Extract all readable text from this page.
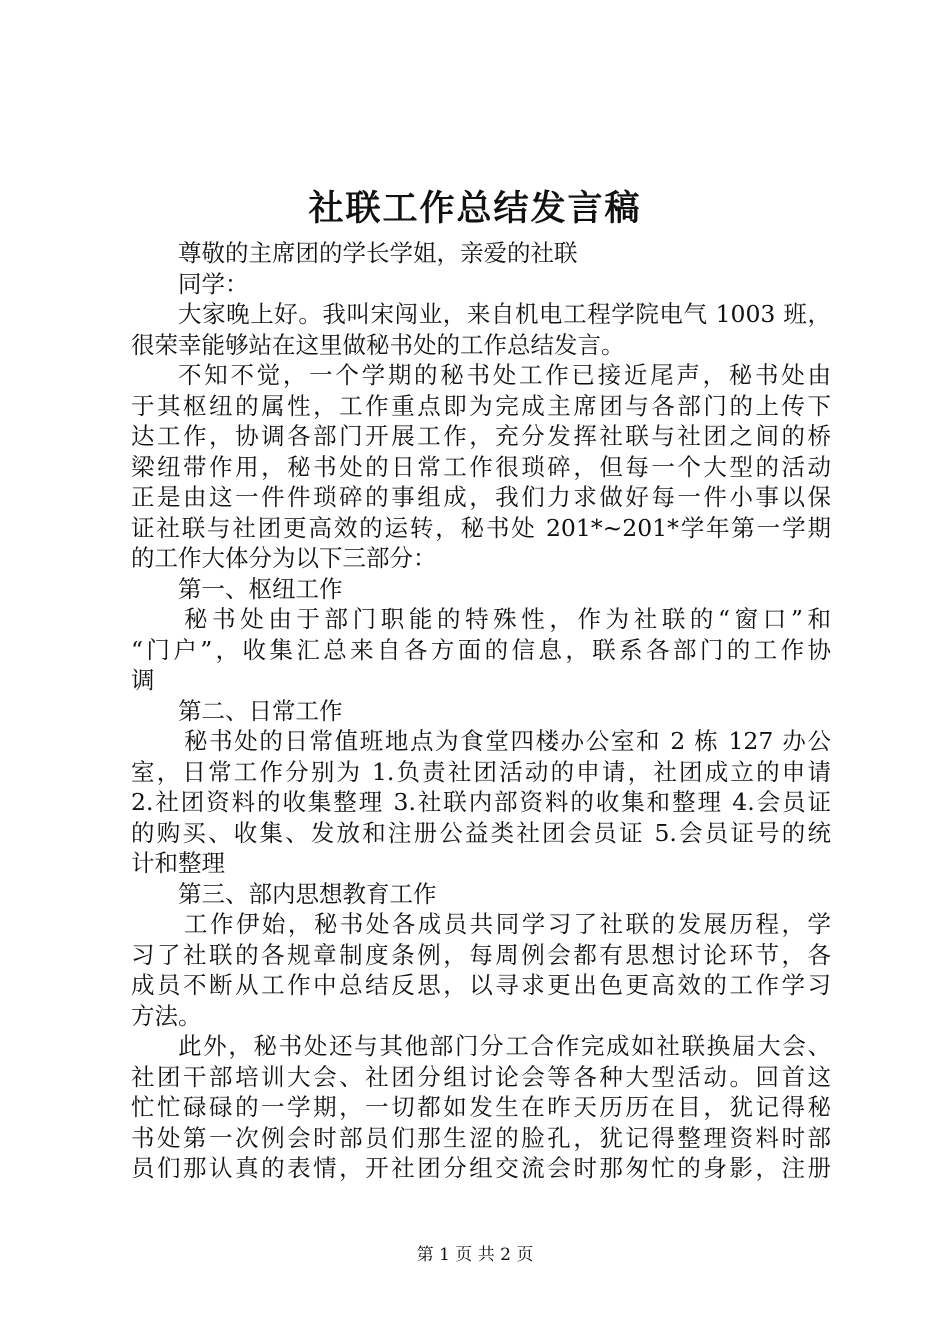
社联工作总结发言稿
尊敬的主席团的学长学姐，亲爱的社联
同学：
大家晚上好。我叫宋闯业，来自机电工程学院电气 1003 班，
很荣幸能够站在这里做秘书处的工作总结发言。
不知不觉，一个学期的秘书处工作已接近尾声，秘书处由
于其枢纽的属性，工作重点即为完成主席团与各部门的上传下
达工作，协调各部门开展工作，充分发挥社联与社团之间的桥
梁纽带作用，秘书处的日常工作很琐碎，但每一个大型的活动
正是由这一件件琐碎的事组成，我们力求做好每一件小事以保
证社联与社团更高效的运转，秘书处 201*~201*学年第一学期
的工作大体分为以下三部分：
第一、枢纽工作
秘书处由于部门职能的特殊性，作为社联的“窗口”和
“门户”，收集汇总来自各方面的信息，联系各部门的工作协
调
第二、日常工作
秘书处的日常值班地点为食堂四楼办公室和 2 栋 127 办公
室，日常工作分别为 1.负责社团活动的申请，社团成立的申请
2.社团资料的收集整理 3.社联内部资料的收集和整理 4.会员证
的购买、收集、发放和注册公益类社团会员证 5.会员证号的统
计和整理
第三、部内思想教育工作
工作伊始，秘书处各成员共同学习了社联的发展历程，学
习了社联的各规章制度条例，每周例会都有思想讨论环节，各
成员不断从工作中总结反思，以寻求更出色更高效的工作学习
方法。
此外，秘书处还与其他部门分工合作完成如社联换届大会、
社团干部培训大会、社团分组讨论会等各种大型活动。回首这
忙忙碌碌的一学期，一切都如发生在昨天历历在目，犹记得秘
书处第一次例会时部员们那生涩的脸孔，犹记得整理资料时部
员们那认真的表情，开社团分组交流会时那匆忙的身影，注册
第 1 页 共 2 页
